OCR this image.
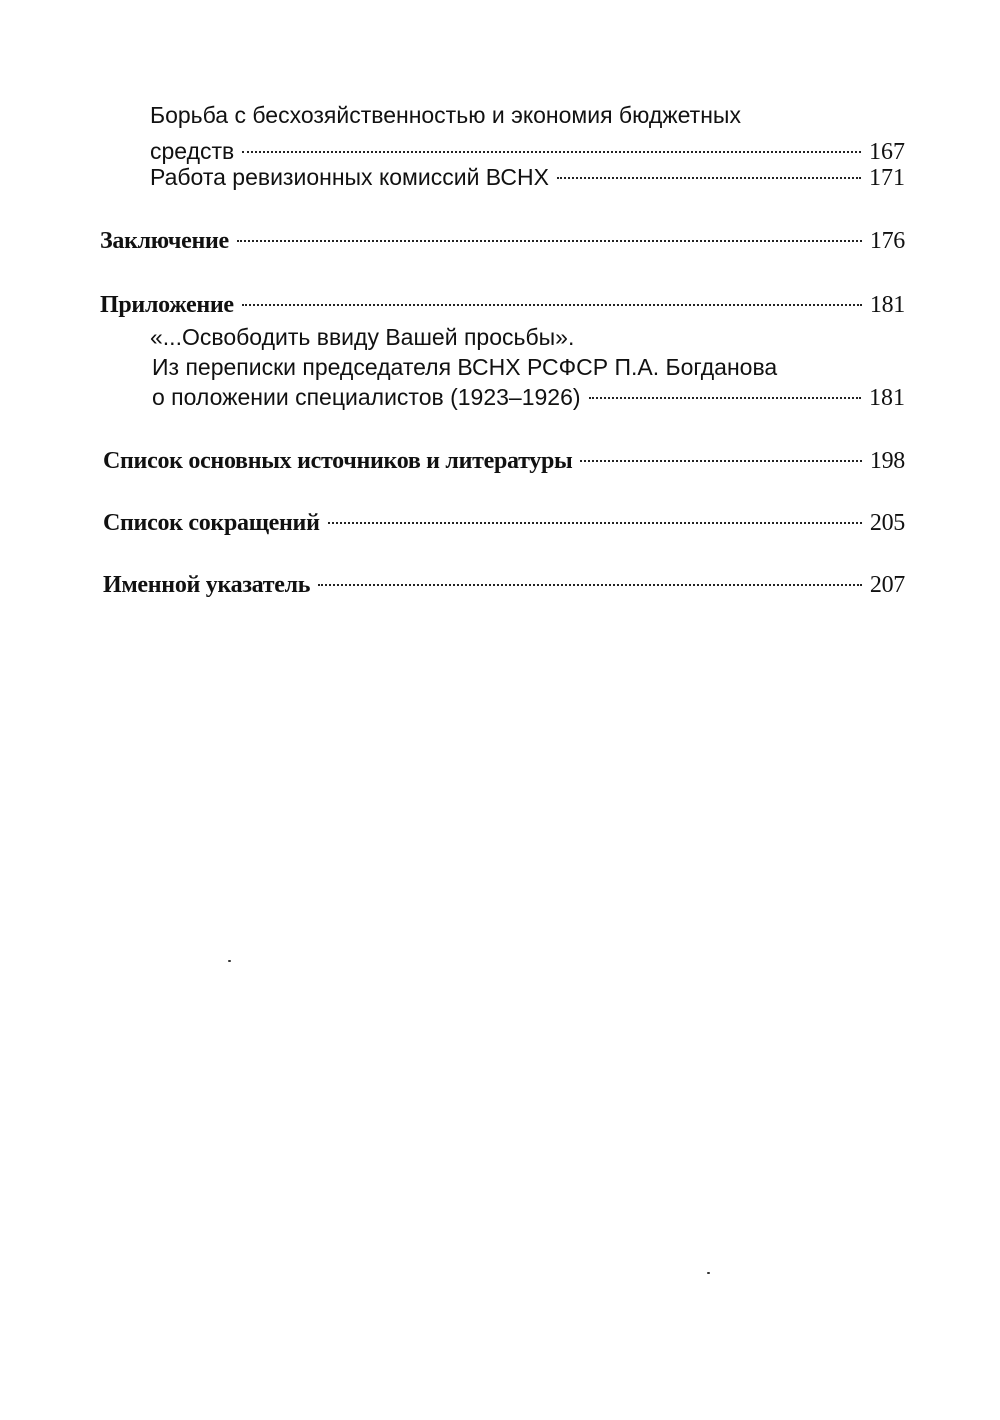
Борьба с бесхозяйственностью и экономия бюджетных
средств	167
Работа ревизионных комиссий ВСНХ	171
Заключение	176
Приложение	181
«...Освободить ввиду Вашей просьбы».
Из переписки председателя ВСНХ РСФСР П.А. Богданова
о положении специалистов (1923–1926)	181
Список основных источников и литературы	198
Список сокращений	205
Именной указатель	207
